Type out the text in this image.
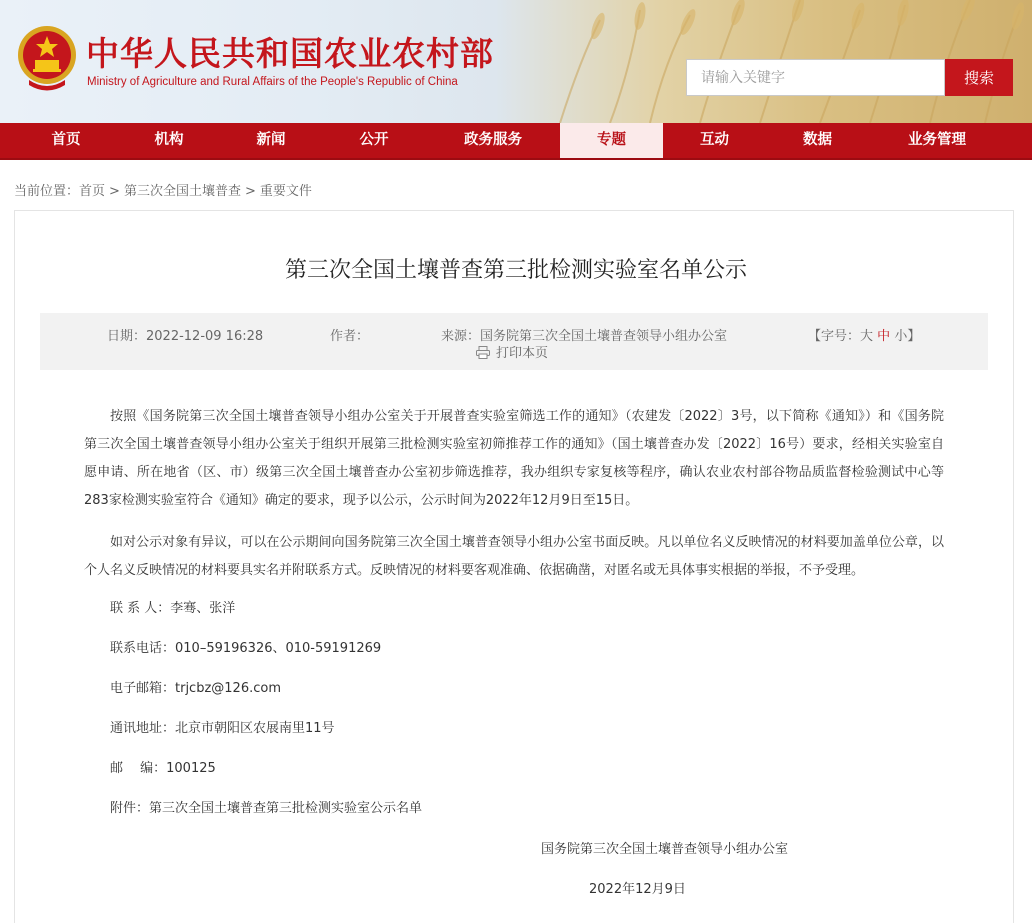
中华人民共和国农业农村部
Ministry of Agriculture and Rural Affairs of the People's Republic of China
请输入关键字	搜索
首页	机构	新闻	公开	政务服务	专题	互动	数据	业务管理
当前位置：首页 > 第三次全国土壤普查 > 重要文件
第三次全国土壤普查第三批检测实验室名单公示
日期：2022-12-09 16:28	作者：	来源：国务院第三次全国土壤普查领导小组办公室	【字号：大 中 小】
打印本页

按照《国务院第三次全国土壤普查领导小组办公室关于开展普查实验室筛选工作的通知》（农建发〔2022〕3号，以下简称《通知》）和《国务院第三次全国土壤普查领导小组办公室关于组织开展第三批检测实验室初筛推荐工作的通知》（国土壤普查办发〔2022〕16号）要求，经相关实验室自愿申请、所在地省（区、市）级第三次全国土壤普查办公室初步筛选推荐，我办组织专家复核等程序，确认农业农村部谷物品质监督检验测试中心等283家检测实验室符合《通知》确定的要求，现予以公示，公示时间为2022年12月9日至15日。

如对公示对象有异议，可以在公示期间向国务院第三次全国土壤普查领导小组办公室书面反映。凡以单位名义反映情况的材料要加盖单位公章，以个人名义反映情况的材料要具实名并附联系方式。反映情况的材料要客观准确、依据确凿，对匿名或无具体事实根据的举报，不予受理。

联 系 人：李骞、张洋
联系电话：010–59196326、010-59191269
电子邮箱：trjcbz@126.com
通讯地址：北京市朝阳区农展南里11号
邮　 编：100125
附件：第三次全国土壤普查第三批检测实验室公示名单
国务院第三次全国土壤普查领导小组办公室
2022年12月9日
